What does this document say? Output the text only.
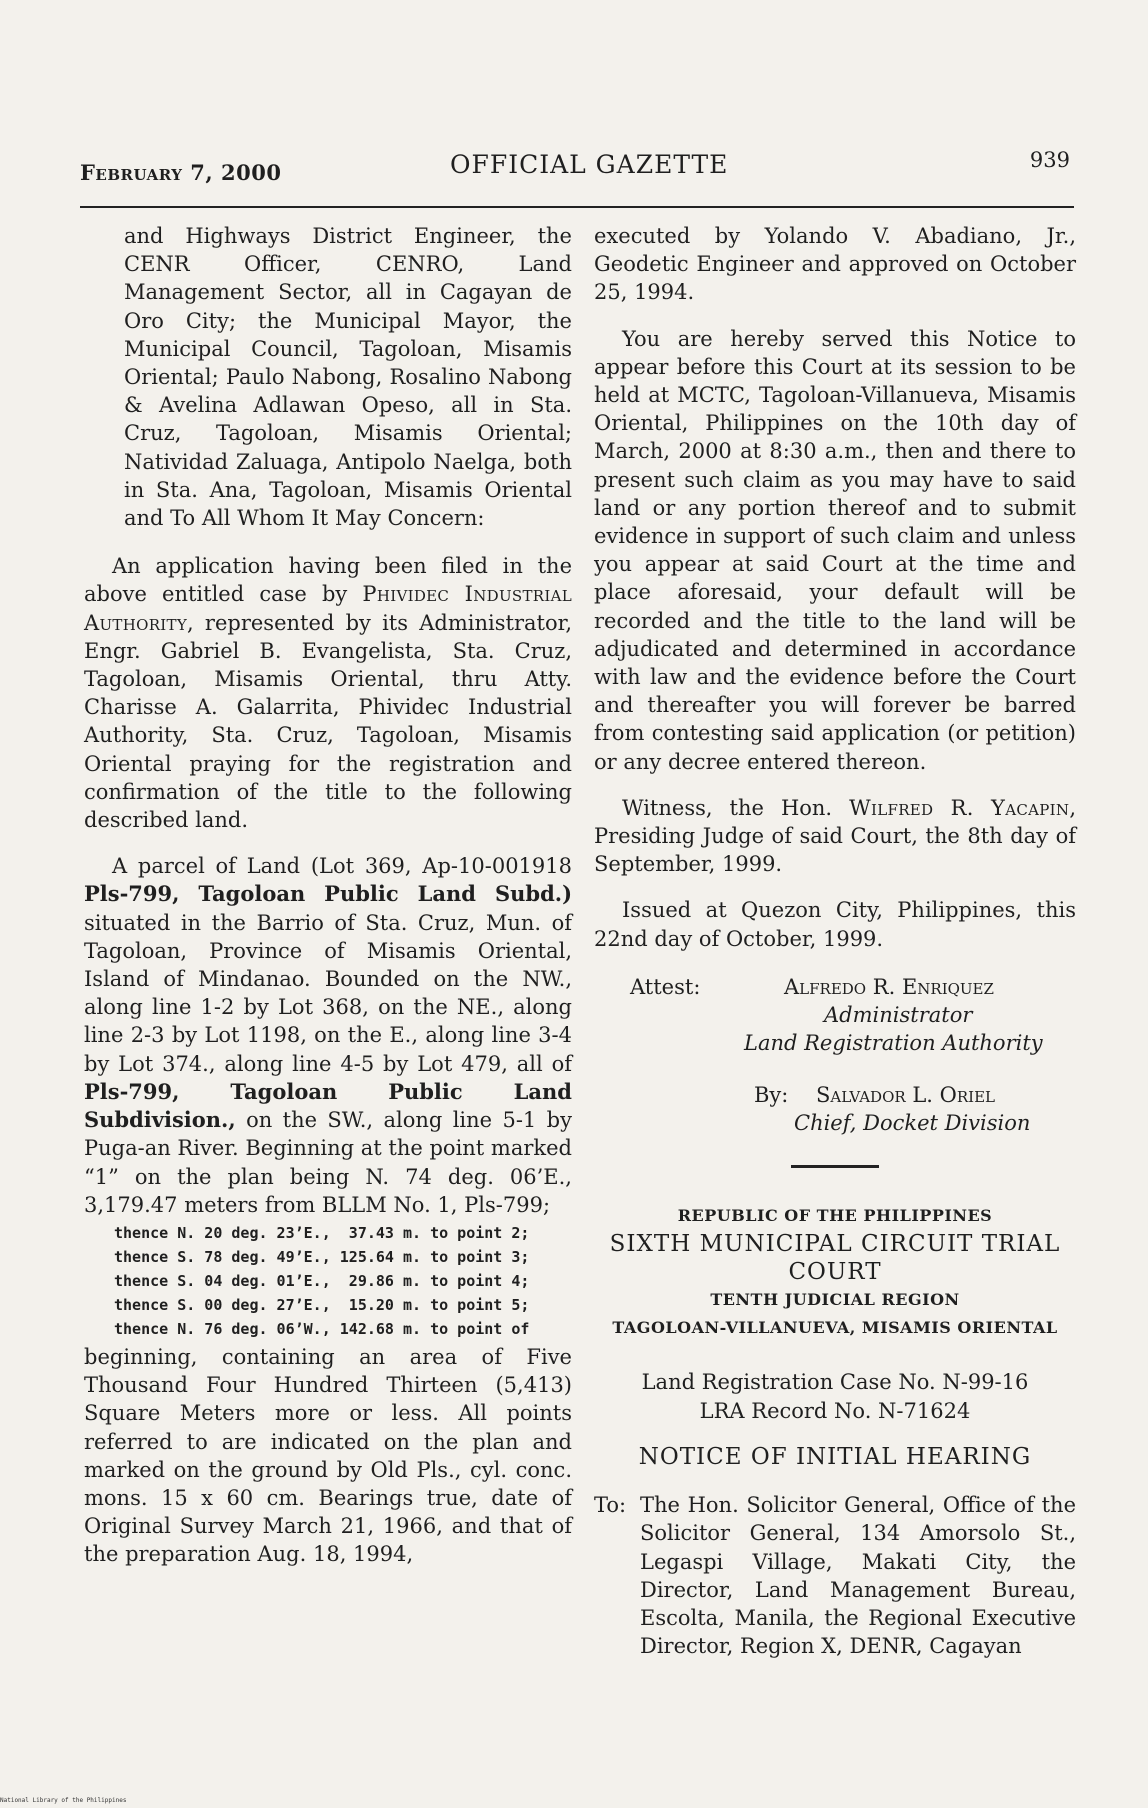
February 7, 2000	OFFICIAL GAZETTE	939

and Highways District Engineer, the CENR Officer, CENRO, Land Management Sector, all in Cagayan de Oro City; the Municipal Mayor, the Municipal Council, Tagoloan, Misamis Oriental; Paulo Nabong, Rosalino Nabong & Avelina Adlawan Opeso, all in Sta. Cruz, Tagoloan, Misamis Oriental; Natividad Zaluaga, Antipolo Naelga, both in Sta. Ana, Tagoloan, Misamis Oriental and To All Whom It May Concern:

An application having been filed in the above entitled case by Phividec Industrial Authority, represented by its Administrator, Engr. Gabriel B. Evangelista, Sta. Cruz, Tagoloan, Misamis Oriental, thru Atty. Charisse A. Galarrita, Phividec Industrial Authority, Sta. Cruz, Tagoloan, Misamis Oriental praying for the registration and confirmation of the title to the following described land.

A parcel of Land (Lot 369, Ap-10-001918 Pls-799, Tagoloan Public Land Subd.) situated in the Barrio of Sta. Cruz, Mun. of Tagoloan, Province of Misamis Oriental, Island of Mindanao. Bounded on the NW., along line 1-2 by Lot 368, on the NE., along line 2-3 by Lot 1198, on the E., along line 3-4 by Lot 374., along line 4-5 by Lot 479, all of Pls-799, Tagoloan Public Land Subdivision., on the SW., along line 5-1 by Puga-an River. Beginning at the point marked “1” on the plan being N. 74 deg. 06’E., 3,179.47 meters from BLLM No. 1, Pls-799;

thence N. 20 deg. 23’E.,  37.43 m. to point 2;
thence S. 78 deg. 49’E., 125.64 m. to point 3;
thence S. 04 deg. 01’E.,  29.86 m. to point 4;
thence S. 00 deg. 27’E.,  15.20 m. to point 5;
thence N. 76 deg. 06’W., 142.68 m. to point of

beginning, containing an area of Five Thousand Four Hundred Thirteen (5,413) Square Meters more or less. All points referred to are indicated on the plan and marked on the ground by Old Pls., cyl. conc. mons. 15 x 60 cm. Bearings true, date of Original Survey March 21, 1966, and that of the preparation Aug. 18, 1994,

executed by Yolando V. Abadiano, Jr., Geodetic Engineer and approved on October 25, 1994.

You are hereby served this Notice to appear before this Court at its session to be held at MCTC, Tagoloan-Villanueva, Misamis Oriental, Philippines on the 10th day of March, 2000 at 8:30 a.m., then and there to present such claim as you may have to said land or any portion thereof and to submit evidence in support of such claim and unless you appear at said Court at the time and place aforesaid, your default will be recorded and the title to the land will be adjudicated and determined in accordance with law and the evidence before the Court and thereafter you will forever be barred from contesting said application (or petition) or any decree entered thereon.

Witness, the Hon. Wilfred R. Yacapin, Presiding Judge of said Court, the 8th day of September, 1999.

Issued at Quezon City, Philippines, this 22nd day of October, 1999.

Attest:	Alfredo R. Enriquez
Administrator
Land Registration Authority
By: Salvador L. Oriel
Chief, Docket Division

REPUBLIC OF THE PHILIPPINES

SIXTH MUNICIPAL CIRCUIT TRIAL COURT

TENTH JUDICIAL REGION

TAGOLOAN-VILLANUEVA, MISAMIS ORIENTAL

Land Registration Case No. N-99-16

LRA Record No. N-71624

NOTICE OF INITIAL HEARING

To: The Hon. Solicitor General, Office of the Solicitor General, 134 Amorsolo St., Legaspi Village, Makati City, the Director, Land Management Bureau, Escolta, Manila, the Regional Executive Director, Region X, DENR, Cagayan
National Library of the Philippines
